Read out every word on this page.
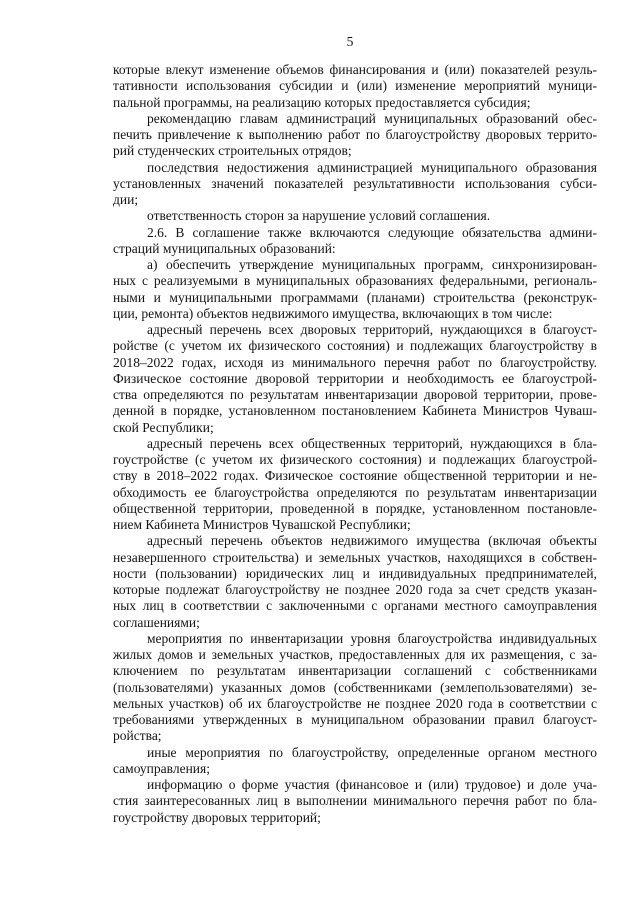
5
которые влекут изменение объемов финансирования и (или) показателей резуль-
тативности использования субсидии и (или) изменение мероприятий муници-
пальной программы, на реализацию которых предоставляется субсидия;
рекомендацию главам администраций муниципальных образований обес-
печить привлечение к выполнению работ по благоустройству дворовых террито-
рий студенческих строительных отрядов;
последствия недостижения администрацией муниципального образования
установленных значений показателей результативности использования субси-
дии;
ответственность сторон за нарушение условий соглашения.
2.6. В соглашение также включаются следующие обязательства админи-
страций муниципальных образований:
а) обеспечить утверждение муниципальных программ, синхронизирован-
ных с реализуемыми в муниципальных образованиях федеральными, региональ-
ными и муниципальными программами (планами) строительства (реконструк-
ции, ремонта) объектов недвижимого имущества, включающих в том числе:
адресный перечень всех дворовых территорий, нуждающихся в благоуст-
ройстве (с учетом их физического состояния) и подлежащих благоустройству в
2018–2022 годах, исходя из минимального перечня работ по благоустройству.
Физическое состояние дворовой территории и необходимость ее благоустрой-
ства определяются по результатам инвентаризации дворовой территории, прове-
денной в порядке, установленном постановлением Кабинета Министров Чуваш-
ской Республики;
адресный перечень всех общественных территорий, нуждающихся в бла-
гоустройстве (с учетом их физического состояния) и подлежащих благоустрой-
ству в 2018–2022 годах. Физическое состояние общественной территории и не-
обходимость ее благоустройства определяются по результатам инвентаризации
общественной территории, проведенной в порядке, установленном постановле-
нием Кабинета Министров Чувашской Республики;
адресный перечень объектов недвижимого имущества (включая объекты
незавершенного строительства) и земельных участков, находящихся в собствен-
ности (пользовании) юридических лиц и индивидуальных предпринимателей,
которые подлежат благоустройству не позднее 2020 года за счет средств указан-
ных лиц в соответствии с заключенными с органами местного самоуправления
соглашениями;
мероприятия по инвентаризации уровня благоустройства индивидуальных
жилых домов и земельных участков, предоставленных для их размещения, с за-
ключением по результатам инвентаризации соглашений с собственниками
(пользователями) указанных домов (собственниками (землепользователями) зе-
мельных участков) об их благоустройстве не позднее 2020 года в соответствии с
требованиями утвержденных в муниципальном образовании правил благоуст-
ройства;
иные мероприятия по благоустройству, определенные органом местного
самоуправления;
информацию о форме участия (финансовое и (или) трудовое) и доле уча-
стия заинтересованных лиц в выполнении минимального перечня работ по бла-
гоустройству дворовых территорий;
